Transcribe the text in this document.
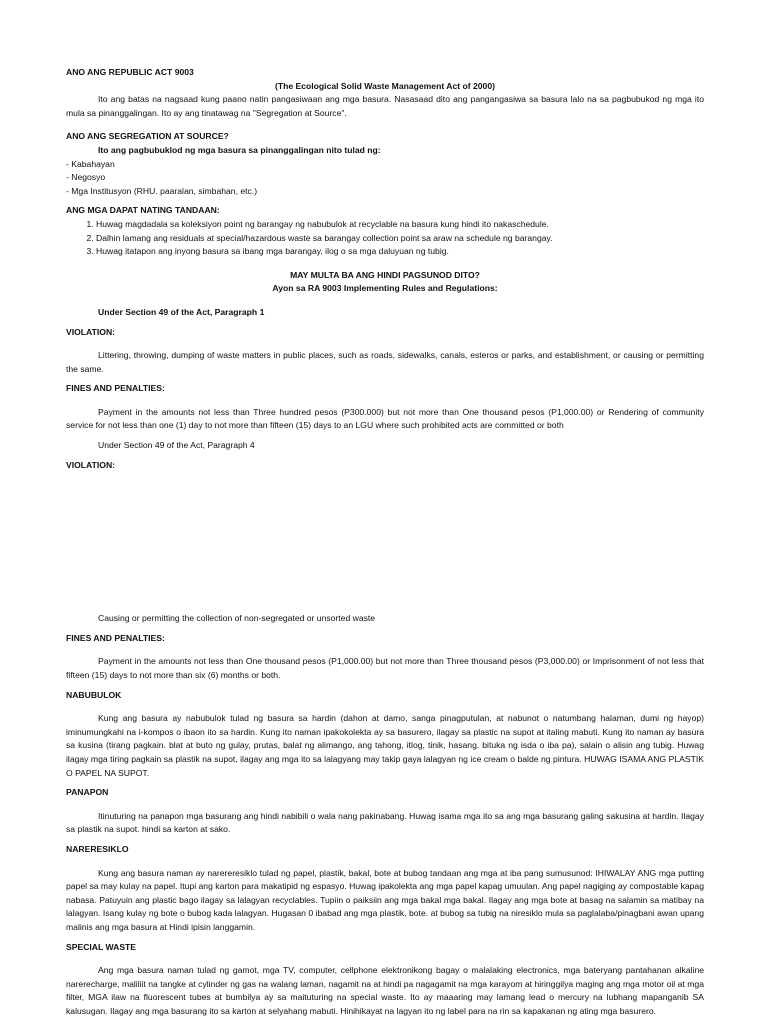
ANO ANG REPUBLIC ACT 9003

(The Ecological Solid Waste Management Act of 2000)

Ito ang batas na nagsaad kung paano natin pangasiwaan ang mga basura. Nasasaad dito ang pangangasiwa sa basura lalo na sa pagbubukod ng mga ito mula sa pinanggalingan. Ito ay ang tinatawag na "Segregation at Source".

ANO ANG SEGREGATION AT SOURCE?

Ito ang pagbubuklod ng mga basura sa pinanggalingan nito tulad ng:

- Kabahayan

- Negosyo

- Mga Institusyon (RHU. paaralan, simbahan, etc.)

ANG MGA DAPAT NATING TANDAAN:

1. Huwag magdadala sa koleksiyon point ng barangay ng nabubulok at recyclable na basura kung hindi ito nakaschedule.
2. Dalhin lamang ang residuals at special/hazardous waste sa barangay collection point sa araw na schedule ng barangay.
3. Huwag itatapon ang inyong basura sa ibang mga barangay, ilog o sa mga daluyuan ng tubig.

MAY MULTA BA ANG HINDI PAGSUNOD DITO?

Ayon sa RA 9003 Implementing Rules and Regulations:

Under Section 49 of the Act, Paragraph 1

VIOLATION:

Littering, throwing, dumping of waste matters in public places, such as roads, sidewalks, canals, esteros or parks, and establishment, or causing or permitting the same.

FINES AND PENALTIES:

Payment in the amounts not less than Three hundred pesos (P300.000) but not more than One thousand pesos (P1,000.00) or Rendering of community service for not less than one (1) day to not more than fifteen (15) days to an LGU where such prohibited acts are committed or both

Under Section 49 of the Act, Paragraph 4

VIOLATION:

Causing or permitting the collection of non-segregated or unsorted waste

FINES AND PENALTIES:

Payment in the amounts not less than One thousand pesos (P1,000.00) but not more than Three thousand pesos (P3,000.00) or Imprisonment of not less that fifteen (15) days to not more than six (6) months or both.

NABUBULOK

Kung ang basura ay nabubulok tulad ng basura sa hardin (dahon at damo, sanga pinagputulan, at nabunot o natumbang halaman, dumi ng hayop) iminumungkahi na i-kompos o ibaon ito sa hardin. Kung ito naman ipakokolekta ay sa basurero, ilagay sa plastic na supot at italing mabuti. Kung ito naman ay basura sa kusina (tirang pagkain. blat at buto ng gulay, prutas, balat ng alimango, ang tahong, itlog, tinik, hasang. bituka ng isda o iba pa), salain o alisin ang tubig. Huwag ilagay mga tiring pagkain sa plastik na supot, ilagay ang mga ito sa lalagyang may takip gaya lalagyan ng ice cream o balde ng pintura. HUWAG ISAMA ANG PLASTIK O PAPEL NA SUPOT.

PANAPON

Itinuturing na panapon mga basurang ang hindi nabibili o wala nang pakinabang. Huwag isama mga ito sa ang mga basurang galing sakusina at hardin. Ilagay sa plastik na supot. hindi sa karton at sako.

NARERESIKLO

Kung ang basura naman ay narereresiklo tulad ng papel, plastik, bakal, bote at bubog tandaan ang mga at iba pang sumusunod: IHIWALAY ANG mga putting papel sa may kulay na papel. Itupi ang karton para makatipid ng espasyo. Huwag ipakolekta ang mga papel kapag umuulan. Ang papel nagiging ay compostable kapag nabasa. Patuyuin ang plastic bago ilagay sa lalagyan recyclables. Tupiin o paiksiin ang mga bakal mga bakal. Ilagay ang mga bote at basag na salamin sa matibay na lalagyan. Isang kulay ng bote o bubog kada lalagyan. Hugasan 0 ibabad ang mga plastik, bote. at bubog sa tubig na niresiklo mula sa paglalaba/pinagbani awan upang malinis ang mga basura at Hindi ipisin langgamin.

SPECIAL WASTE

Ang mga basura naman tulad ng gamot, mga TV, computer, cellphone elektronikong bagay o malalaking electronics, mga bateryang pantahanan alkaline narerecharge, maliliit na tangke at cylinder ng gas na walang laman, nagamit na at hindi pa nagagamit na mga karayom at hiringgilya maging ang mga motor oil at mga filter, MGA ilaw na fluorescent tubes at bumbilya ay sa maituturing na special waste. Ito ay maaaring may lamang lead o mercury na lubhang mapanganib SA kalusugan. Ilagay ang mga basurang ito sa karton at selyahang mabuti. Hinihikayat na lagyan ito ng label para na rin sa kapakanan ng ating mga basurero.
